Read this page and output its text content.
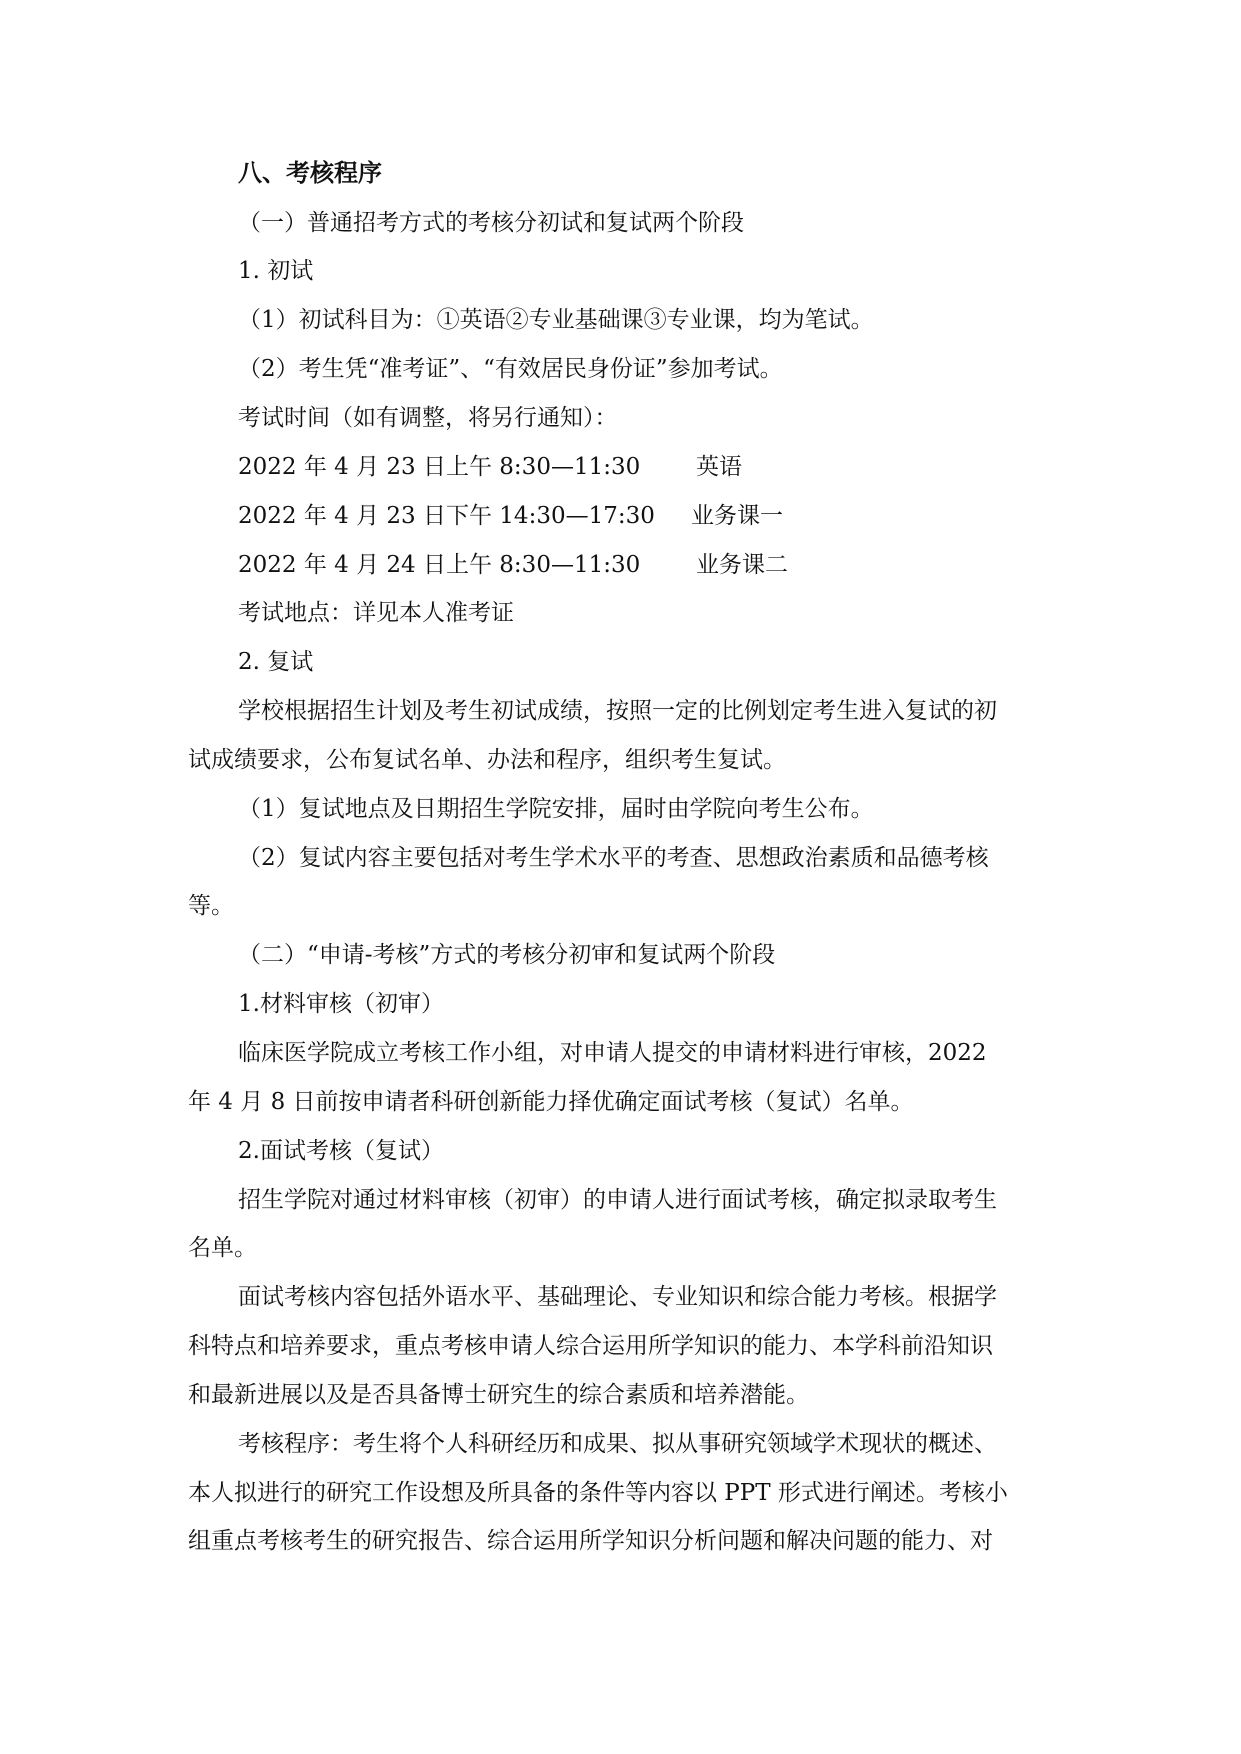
八、考核程序
（一）普通招考方式的考核分初试和复试两个阶段
1. 初试
（1）初试科目为：①英语②专业基础课③专业课，均为笔试。
（2）考生凭“准考证”、“有效居民身份证”参加考试。
考试时间（如有调整，将另行通知）：
2022 年 4 月 23 日上午 8:30—11:30 英语
2022 年 4 月 23 日下午 14:30—17:30 业务课一
2022 年 4 月 24 日上午 8:30—11:30 业务课二
考试地点：详见本人准考证
2. 复试
学校根据招生计划及考生初试成绩，按照一定的比例划定考生进入复试的初
试成绩要求，公布复试名单、办法和程序，组织考生复试。
（1）复试地点及日期招生学院安排，届时由学院向考生公布。
（2）复试内容主要包括对考生学术水平的考查、思想政治素质和品德考核
等。
（二）“申请-考核”方式的考核分初审和复试两个阶段
1.材料审核（初审）
临床医学院成立考核工作小组，对申请人提交的申请材料进行审核，2022
年 4 月 8 日前按申请者科研创新能力择优确定面试考核（复试）名单。
2.面试考核（复试）
招生学院对通过材料审核（初审）的申请人进行面试考核，确定拟录取考生
名单。
面试考核内容包括外语水平、基础理论、专业知识和综合能力考核。根据学
科特点和培养要求，重点考核申请人综合运用所学知识的能力、本学科前沿知识
和最新进展以及是否具备博士研究生的综合素质和培养潜能。
考核程序：考生将个人科研经历和成果、拟从事研究领域学术现状的概述、
本人拟进行的研究工作设想及所具备的条件等内容以 PPT 形式进行阐述。考核小
组重点考核考生的研究报告、综合运用所学知识分析问题和解决问题的能力、对
